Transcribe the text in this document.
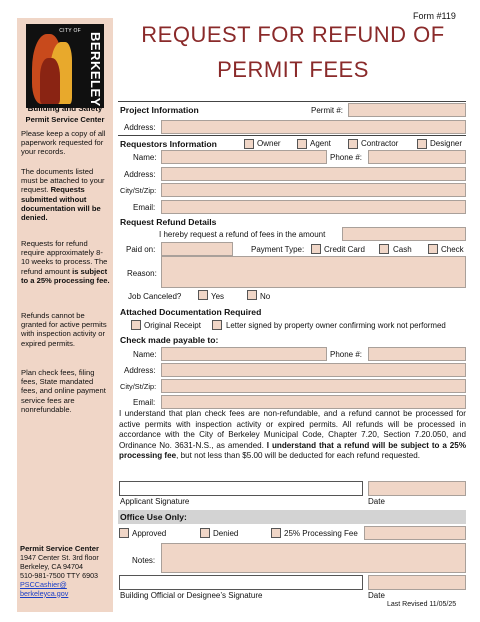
CITY OF
BERKELEY
Building and Safety
Permit Service Center
Please keep a copy of all paperwork requested for your records.
The documents listed must be attached to your request. Requests submitted without documentation will be denied.
Requests for refund require approximately 8-10 weeks to process. The refund amount is subject to a 25% processing fee.
Refunds cannot be granted for active permits with inspection activity or expired permits.
Plan check fees, filing fees, State mandated fees, and online payment service fees are nonrefundable.
Permit Service Center
1947 Center St. 3rd floor
Berkeley, CA 94704
510-981-7500 TTY 6903
PSCCashier@
berkeleyca.gov
Form #119
REQUEST FOR REFUND OF
PERMIT FEES
Project Information	Permit #:
Address:
Requestors Information	Owner	Agent	Contractor	Designer
Name:	Phone #:
Address:
City/St/Zip:
Email:
Request Refund Details
I hereby request a refund of fees in the amount
Paid on:	Payment Type: Credit Card	Cash	Check
Reason:
Job Canceled?	Yes	No
Attached Documentation Required
Original Receipt	Letter signed by property owner confirming work not performed
Check made payable to:
Name:	Phone #:
Address:
City/St/Zip:
Email:
I understand that plan check fees are non-refundable, and a refund cannot be processed for active permits with inspection activity or expired permits. All refunds will be processed in accordance with the City of Berkeley Municipal Code, Chapter 7.20, Section 7.20.050, and Ordinance No. 3631-N.S., as amended. I understand that a refund will be subject to a 25% processing fee, but not less than $5.00 will be deducted for each refund requested.
Applicant Signature	Date
Office Use Only:
Approved	Denied	25% Processing Fee
Notes:
Building Official or Designee’s Signature	Date
Last Revised 11/05/25
